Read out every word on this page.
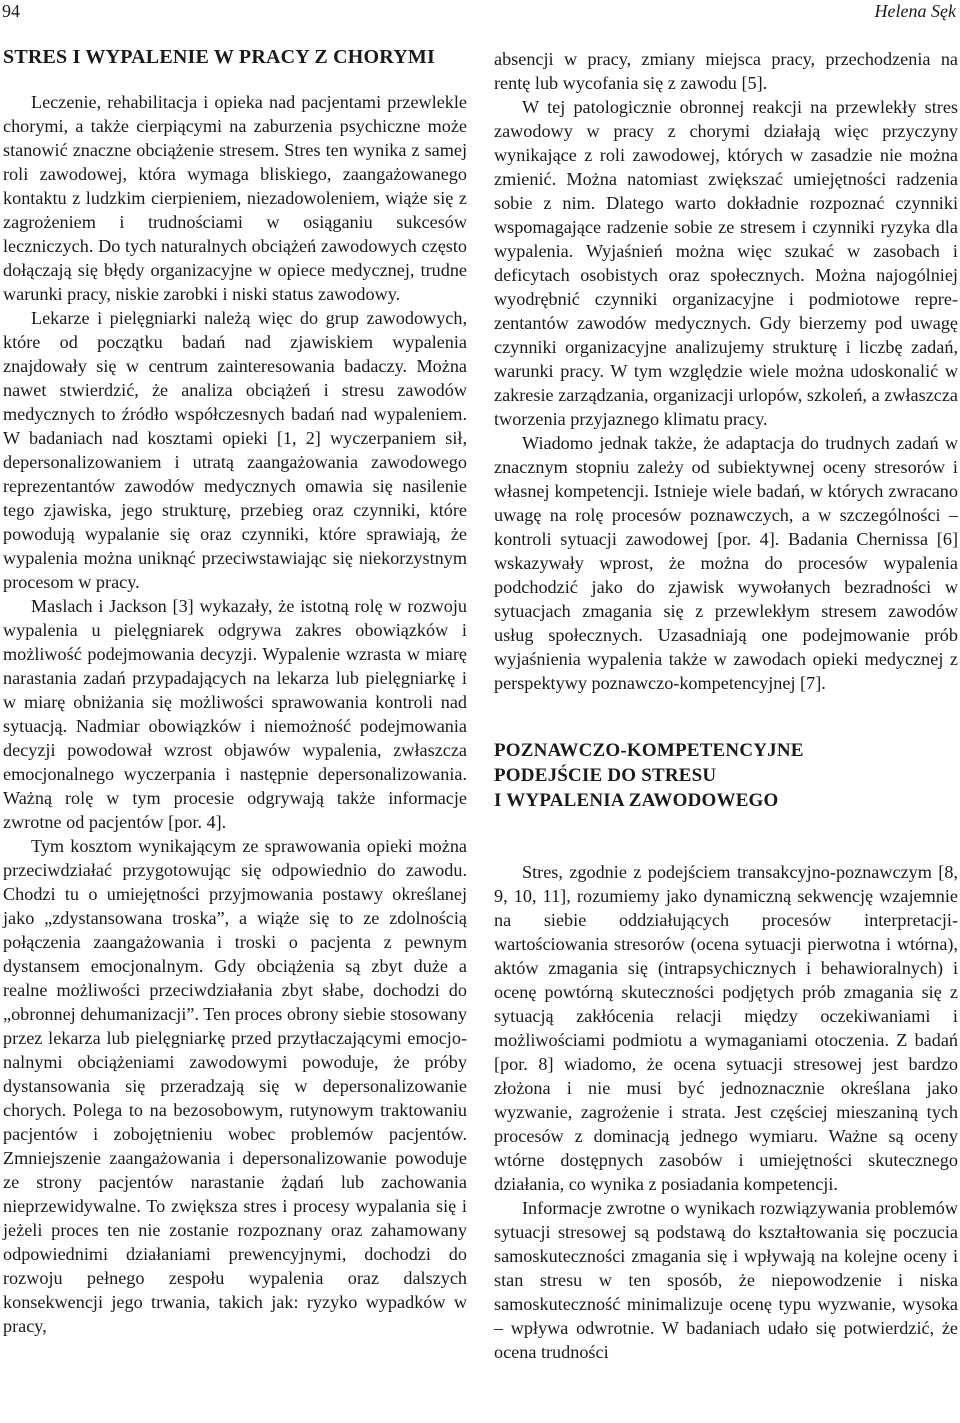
94	Helena Sęk
STRES I WYPALENIE W PRACY Z CHORYMI

Leczenie, rehabilitacja i opieka nad pacjentami przewlekle chorymi, a także cierpiącymi na zaburzenia psychiczne może stanowić znaczne obciążenie stresem. Stres ten wynika z samej roli zawodowej, która wymaga bliskiego, zaangażowanego kontaktu z ludzkim cierpieniem, niezadowoleniem, wiąże się z zagrożeniem i trudnościami w osiąganiu sukcesów leczniczych. Do tych naturalnych obciążeń zawodowych często dołączają się błędy organizacyjne w opiece medycznej, trudne warunki pracy, niskie zarobki i niski status zawodowy.

Lekarze i pielęgniarki należą więc do grup zawodowych, które od początku badań nad zjawiskiem wypalenia znajdowały się w centrum zainteresowania badaczy. Można nawet stwierdzić, że analiza obciążeń i stresu zawodów medycznych to źródło współczesnych badań nad wypaleniem. W badaniach nad kosztami opieki [1, 2] wyczerpaniem sił, depersonalizowaniem i utratą zaangażowania zawodowego reprezentantów zawodów medycznych omawia się nasilenie tego zjawiska, jego strukturę, przebieg oraz czynniki, które powodują wypalanie się oraz czynniki, które sprawiają, że wypalenia można uniknąć przeciwstawiając się niekorzystnym procesom w pracy.

Maslach i Jackson [3] wykazały, że istotną rolę w rozwoju wypalenia u pielęgniarek odgrywa zakres obowiązków i możliwość podejmowania decyzji. Wypalenie wzrasta w miarę narastania zadań przypadających na lekarza lub pielęgniarkę i w miarę obniżania się możliwości sprawowania kontroli nad sytuacją. Nadmiar obowiązków i niemożność podejmowania decyzji powodował wzrost objawów wypalenia, zwłaszcza emocjonalnego wyczerpania i następnie depersonalizowania. Ważną rolę w tym procesie odgrywają także informacje zwrotne od pacjentów [por. 4].

Tym kosztom wynikającym ze sprawowania opieki można przeciwdziałać przygotowując się odpowiednio do zawodu. Chodzi tu o umiejętności przyjmowania postawy określanej jako „zdystansowana troska”, a wiąże się to ze zdolnością połączenia zaangażowania i troski o pacjenta z pewnym dystansem emocjonalnym. Gdy obciążenia są zbyt duże a realne możliwości przeciwdziałania zbyt słabe, dochodzi do „obronnej dehumanizacji”. Ten proces obrony siebie stosowany przez lekarza lub pielęgniarkę przed przytłaczającymi emocjonalnymi obciążeniami zawodowymi powoduje, że próby dystansowania się przeradzają się w depersonalizowanie chorych. Polega to na bezosobowym, rutynowym traktowaniu pacjentów i zobojętnieniu wobec problemów pacjentów. Zmniejszenie zaangażowania i depersonalizowanie powoduje ze strony pacjentów narastanie żądań lub zachowania nieprzewidywalne. To zwiększa stres i procesy wypalania się i jeżeli proces ten nie zostanie rozpoznany oraz zahamowany odpowiednimi działaniami prewencyjnymi, dochodzi do rozwoju pełnego zespołu wypalenia oraz dalszych konsekwencji jego trwania, takich jak: ryzyko wypadków w pracy,

absencji w pracy, zmiany miejsca pracy, przechodzenia na rentę lub wycofania się z zawodu [5].

W tej patologicznie obronnej reakcji na przewlekły stres zawodowy w pracy z chorymi działają więc przyczyny wynikające z roli zawodowej, których w zasadzie nie można zmienić. Można natomiast zwiększać umiejętności radzenia sobie z nim. Dlatego warto dokładnie rozpoznać czynniki wspomagające radzenie sobie ze stresem i czynniki ryzyka dla wypalenia. Wyjaśnień można więc szukać w zasobach i deficytach osobistych oraz społecznych. Można najogólniej wyodrębnić czynniki organizacyjne i podmiotowe reprezentantów zawodów medycznych. Gdy bierzemy pod uwagę czynniki organizacyjne analizujemy strukturę i liczbę zadań, warunki pracy. W tym względzie wiele można udoskonalić w zakresie zarządzania, organizacji urlopów, szkoleń, a zwłaszcza tworzenia przyjaznego klimatu pracy.

Wiadomo jednak także, że adaptacja do trudnych zadań w znacznym stopniu zależy od subiektywnej oceny stresorów i własnej kompetencji. Istnieje wiele badań, w których zwracano uwagę na rolę procesów poznawczych, a w szczególności – kontroli sytuacji zawodowej [por. 4]. Badania Chernissa [6] wskazywały wprost, że można do procesów wypalenia podchodzić jako do zjawisk wywołanych bezradności w sytuacjach zmagania się z przewlekłym stresem zawodów usług społecznych. Uzasadniają one podejmowanie prób wyjaśnienia wypalenia także w zawodach opieki medycznej z perspektywy poznawczo-kompetencyjnej [7].

POZNAWCZO-KOMPETENCYJNE
PODEJŚCIE DO STRESU
I WYPALENIA ZAWODOWEGO

Stres, zgodnie z podejściem transakcyjno-poznawczym [8, 9, 10, 11], rozumiemy jako dynamiczną sekwencję wzajemnie na siebie oddziałujących procesów interpretacji-wartościowania stresorów (ocena sytuacji pierwotna i wtórna), aktów zmagania się (intrapsychicznych i behawioralnych) i ocenę powtórną skuteczności podjętych prób zmagania się z sytuacją zakłócenia relacji między oczekiwaniami i możliwościami podmiotu a wymaganiami otoczenia. Z badań [por. 8] wiadomo, że ocena sytuacji stresowej jest bardzo złożona i nie musi być jednoznacznie określana jako wyzwanie, zagrożenie i strata. Jest częściej mieszaniną tych procesów z dominacją jednego wymiaru. Ważne są oceny wtórne dostępnych zasobów i umiejętności skutecznego działania, co wynika z posiadania kompetencji.

Informacje zwrotne o wynikach rozwiązywania problemów sytuacji stresowej są podstawą do kształtowania się poczucia samoskuteczności zmagania się i wpływają na kolejne oceny i stan stresu w ten sposób, że niepowodzenie i niska samoskuteczność minimalizuje ocenę typu wyzwanie, wysoka – wpływa odwrotnie. W badaniach udało się potwierdzić, że ocena trudności
